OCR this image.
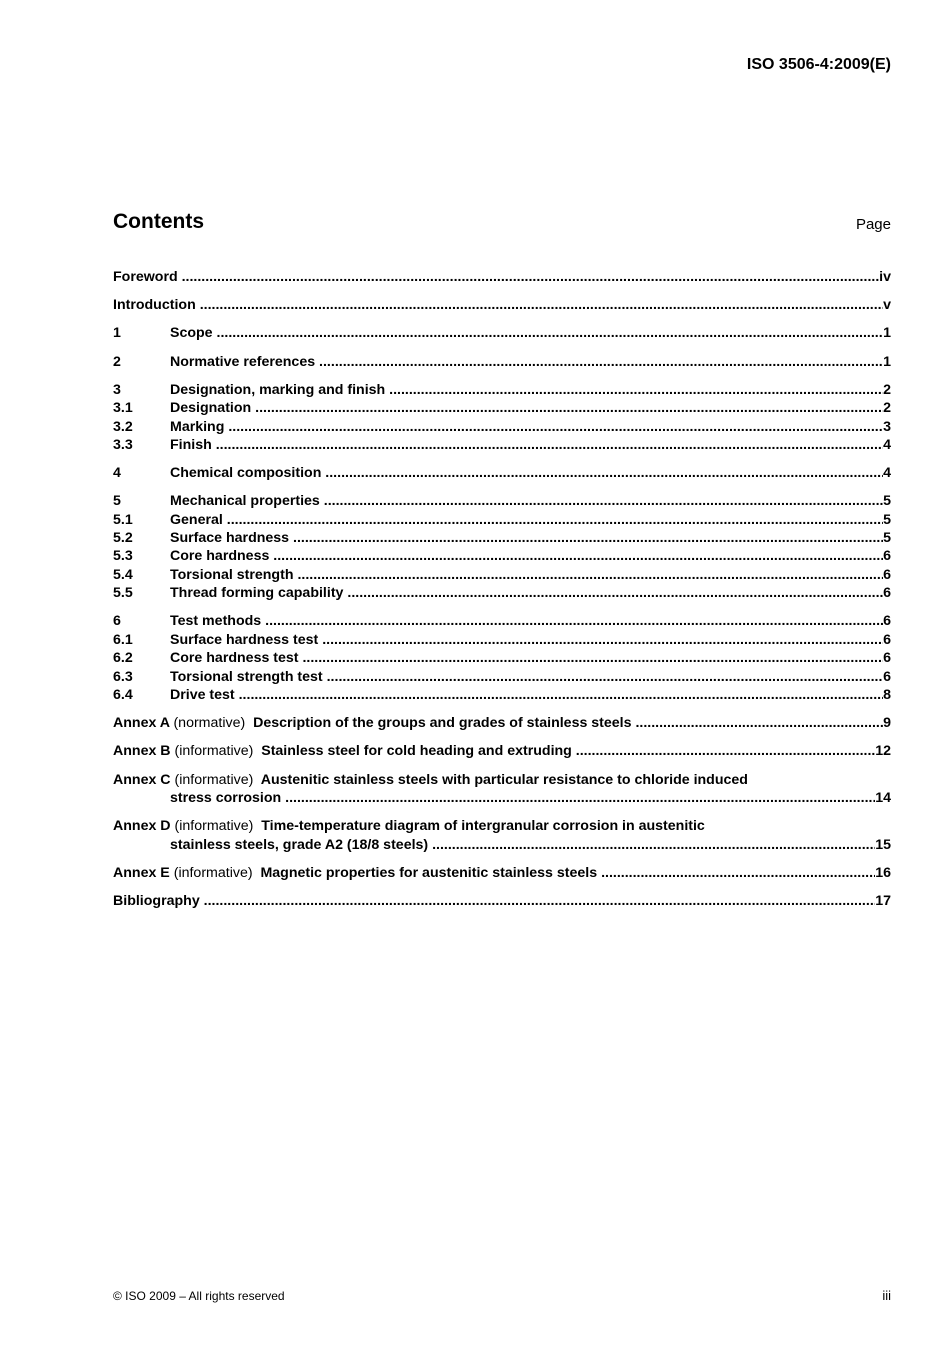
ISO 3506-4:2009(E)
Contents	Page
Foreword .....	iv
Introduction .....	v
1	Scope .....	1
2	Normative references .....	1
3	Designation, marking and finish .....	2
3.1	Designation .....	2
3.2	Marking .....	3
3.3	Finish .....	4
4	Chemical composition .....	4
5	Mechanical properties .....	5
5.1	General .....	5
5.2	Surface hardness .....	5
5.3	Core hardness .....	6
5.4	Torsional strength .....	6
5.5	Thread forming capability .....	6
6	Test methods .....	6
6.1	Surface hardness test .....	6
6.2	Core hardness test .....	6
6.3	Torsional strength test .....	6
6.4	Drive test .....	8
Annex A (normative) Description of the groups and grades of stainless steels .....	9
Annex B (informative) Stainless steel for cold heading and extruding .....	12
Annex C (informative) Austenitic stainless steels with particular resistance to chloride induced
stress corrosion .....	14
Annex D (informative) Time-temperature diagram of intergranular corrosion in austenitic
stainless steels, grade A2 (18/8 steels) .....	15
Annex E (informative) Magnetic properties for austenitic stainless steels .....	16
Bibliography .....	17
© ISO 2009 – All rights reserved	iii
